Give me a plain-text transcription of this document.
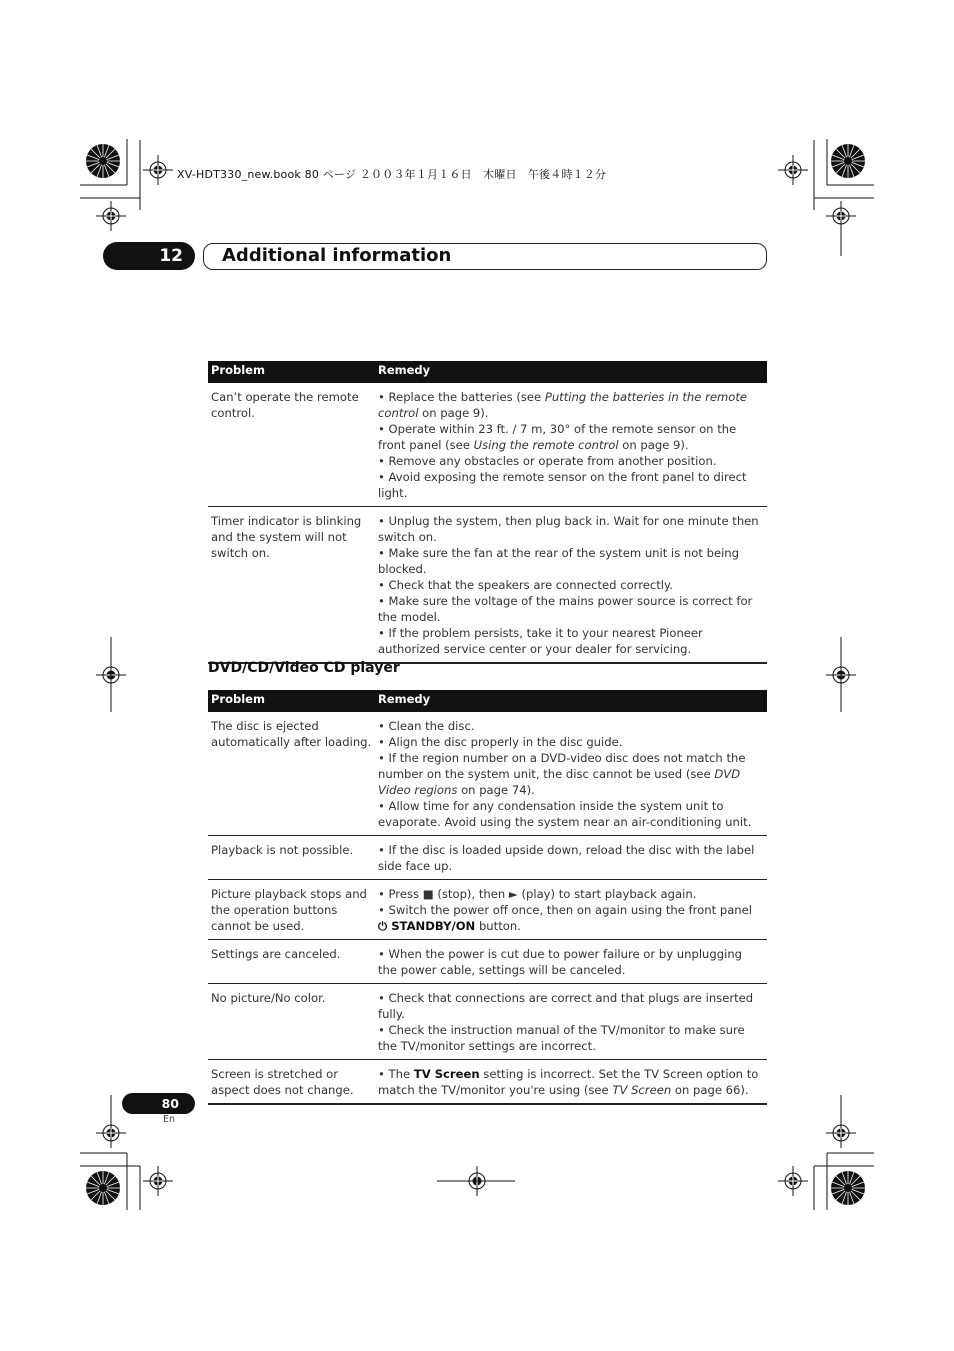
XV-HDT330_new.book 80 ページ ２００３年１月１６日　木曜日　午後４時１２分
12	Additional information
Problem	Remedy
Can’t operate the remote control.	• Replace the batteries (see Putting the batteries in the remote control on page 9).
• Operate within 23 ft. / 7 m, 30° of the remote sensor on the front panel (see Using the remote control on page 9).
• Remove any obstacles or operate from another position.
• Avoid exposing the remote sensor on the front panel to direct light.

Timer indicator is blinking and the system will not switch on.	• Unplug the system, then plug back in. Wait for one minute then switch on.
• Make sure the fan at the rear of the system unit is not being blocked.
• Check that the speakers are connected correctly.
• Make sure the voltage of the mains power source is correct for the model.
• If the problem persists, take it to your nearest Pioneer authorized service center or your dealer for servicing.
DVD/CD/Video CD player
Problem	Remedy
The disc is ejected automatically after loading.	• Clean the disc.
• Align the disc properly in the disc guide.
• If the region number on a DVD-video disc does not match the number on the system unit, the disc cannot be used (see DVD Video regions on page 74).
• Allow time for any condensation inside the system unit to evaporate. Avoid using the system near an air-conditioning unit.

Playback is not possible.	• If the disc is loaded upside down, reload the disc with the label side face up.

Picture playback stops and the operation buttons cannot be used.	• Press ■ (stop), then ► (play) to start playback again.
• Switch the power off once, then on again using the front panel ⏻ STANDBY/ON button.

Settings are canceled.	• When the power is cut due to power failure or by unplugging the power cable, settings will be canceled.

No picture/No color.	• Check that connections are correct and that plugs are inserted fully.
• Check the instruction manual of the TV/monitor to make sure the TV/monitor settings are incorrect.

Screen is stretched or aspect does not change.	• The TV Screen setting is incorrect. Set the TV Screen option to match the TV/monitor you're using (see TV Screen on page 66).
80
En
